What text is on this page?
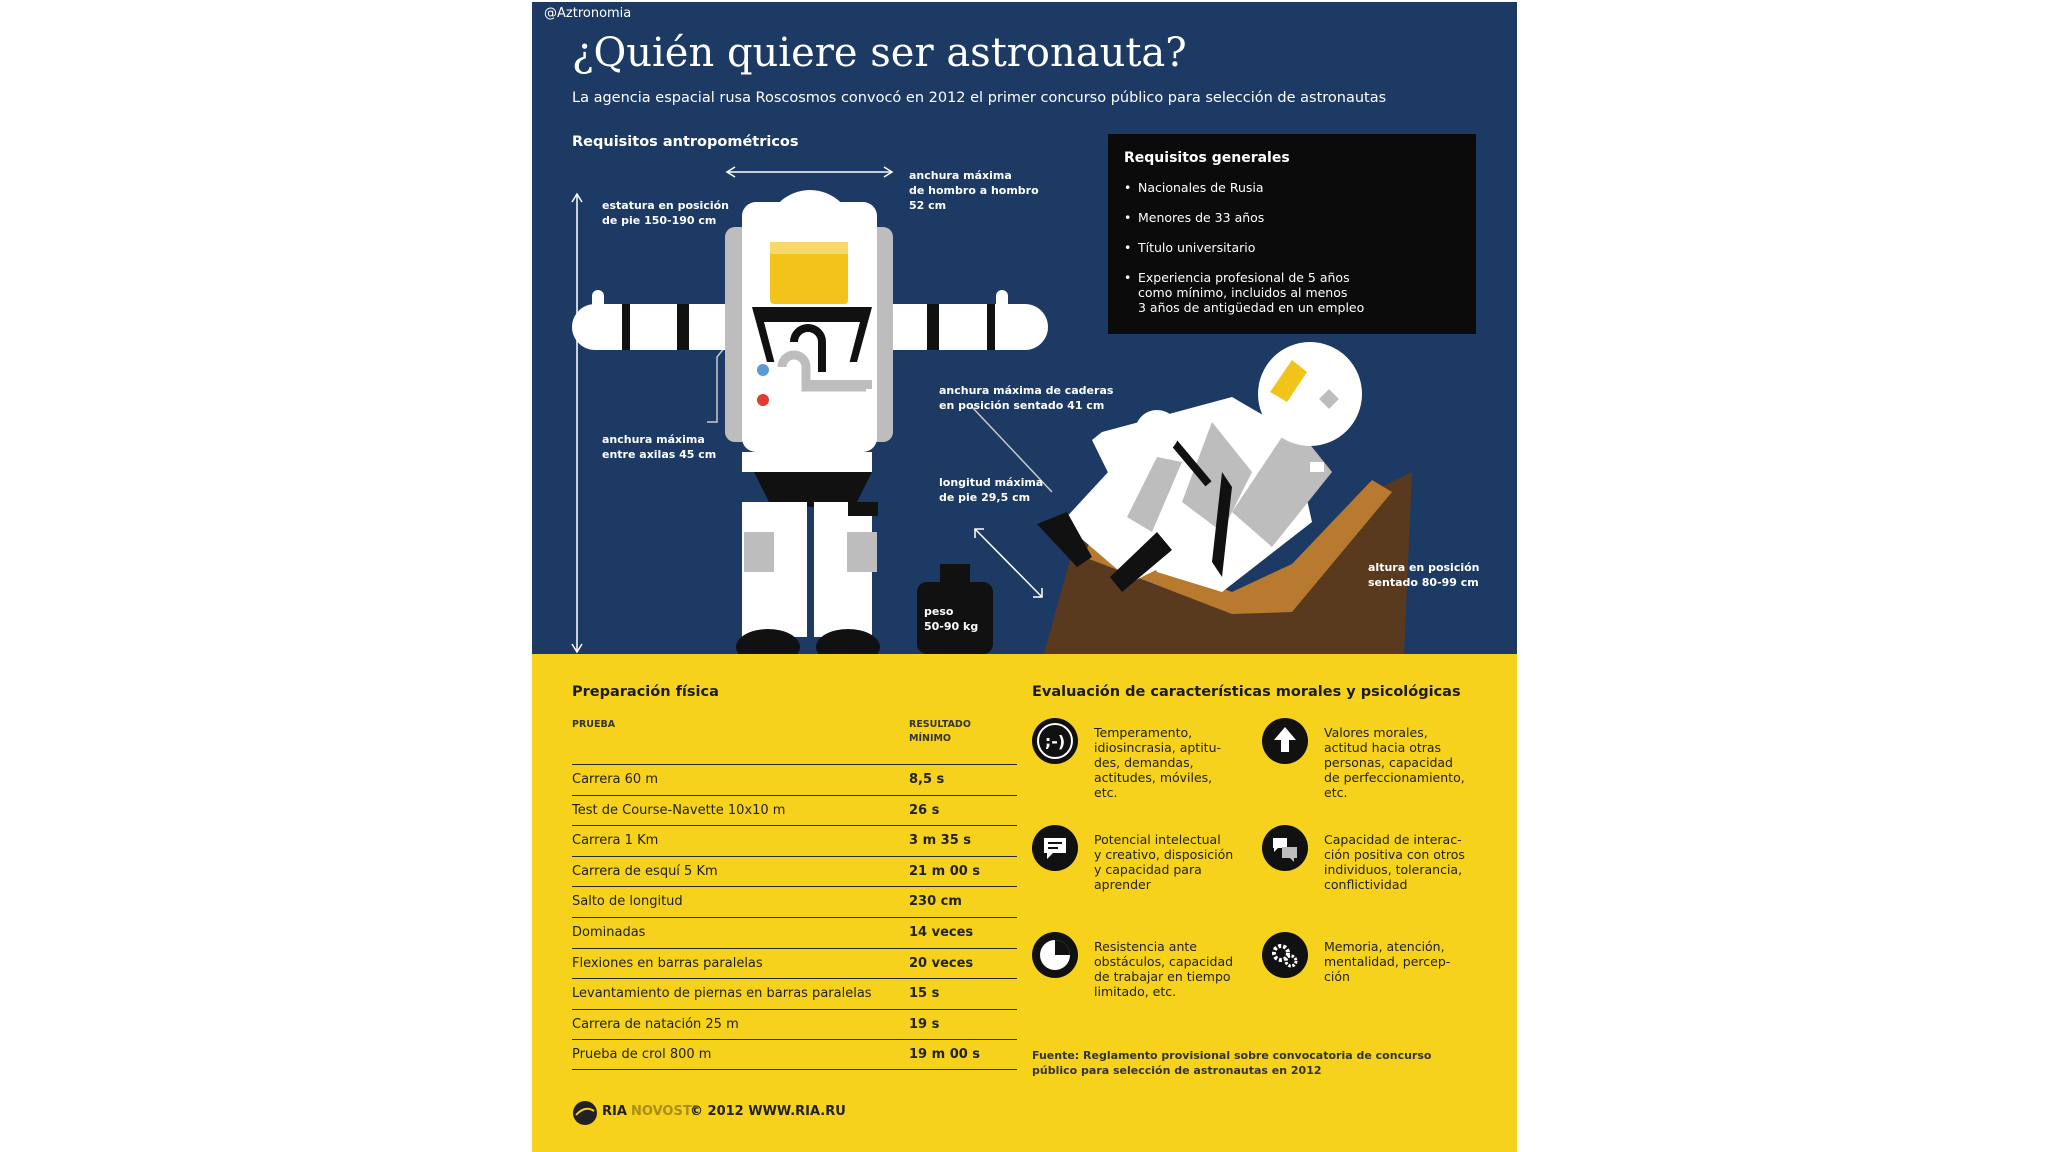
@Aztronomia

¿Quién quiere ser astronauta?

La agencia espacial rusa Roscosmos convocó en 2012 el primer concurso público para selección de astronautas

Requisitos antropométricos

estatura en posición
de pie 150-190 cm

anchura máxima
de hombro a hombro
52 cm

anchura máxima
entre axilas 45 cm

anchura máxima de caderas
en posición sentado 41 cm

longitud máxima
de pie 29,5 cm

peso
50-90 kg

altura en posición
sentado 80-99 cm

Requisitos generales

• Nacionales de Rusia
• Menores de 33 años
• Título universitario
• Experiencia profesional de 5 años
como mínimo, incluidos al menos
3 años de antigüedad en un empleo

Preparación física

PRUEBA	RESULTADO
MÍNIMO
Carrera 60 m	8,5 s
Test de Course-Navette 10x10 m	26 s
Carrera 1 Km	3 m 35 s
Carrera de esquí 5 Km	21 m 00 s
Salto de longitud	230 cm
Dominadas	14 veces
Flexiones en barras paralelas	20 veces
Levantamiento de piernas en barras paralelas	15 s
Carrera de natación 25 m	19 s
Prueba de crol 800 m	19 m 00 s

Evaluación de características morales y psicológicas

;-) Temperamento,
idiosincrasia, aptitu-
des, demandas,
actitudes, móviles,
etc.

Valores morales,
actitud hacia otras
personas, capacidad
de perfeccionamiento,
etc.

Potencial intelectual
y creativo, disposición
y capacidad para
aprender

Capacidad de interac-
ción positiva con otros
individuos, tolerancia,
conflictividad

Resistencia ante
obstáculos, capacidad
de trabajar en tiempo
limitado, etc.

Memoria, atención,
mentalidad, percep-
ción

Fuente: Reglamento provisional sobre convocatoria de concurso
público para selección de astronautas en 2012

RIA NOVOSTI
© 2012 WWW.RIA.RU
